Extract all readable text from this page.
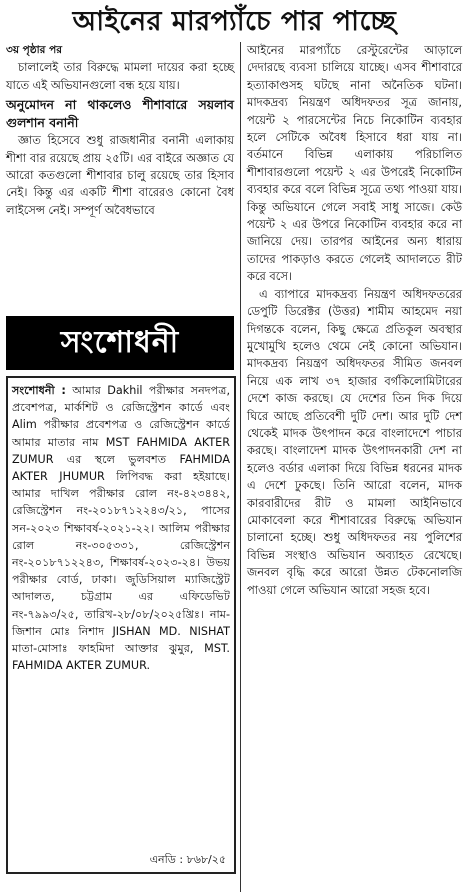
আইনের মারপ্যাঁচে পার পাচ্ছে

৩য় পৃষ্ঠার পর

চালালেই তার বিরুদ্ধে মামলা দায়ের করা হচ্ছে যাতে এই অভিযানগুলো বন্ধ হয়ে যায়।

অনুমোদন না থাকলেও শীশাবারে সয়লাব গুলশান বনানী

জ্ঞাত হিসেবে শুধু রাজধানীর বনানী এলাকায় শীশা বার রয়েছে প্রায় ২৫টি। এর বাইরে অজ্ঞাত যে আরো কতগুলো শীশাবার চালু রয়েছে তার হিসাব নেই। কিন্তু এর একটি শীশা বারেরও কোনো বৈধ লাইসেন্স নেই। সম্পূর্ণ অবৈধভাবে

সংশোধনী
সংশোধনী : আমার Dakhil পরীক্ষার সনদপত্র, প্রবেশপত্র, মার্কশিট ও রেজিস্ট্রেশন কার্ডে এবং Alim পরীক্ষার প্রবেশপত্র ও রেজিস্ট্রেশন কার্ডে আমার মাতার নাম MST FAHMIDA AKTER ZUMUR এর স্থলে ভুলবশত FAHMIDA AKTER JHUMUR লিপিবদ্ধ করা হইয়াছে। আমার দাখিল পরীক্ষার রোল নং-৪২৩৪৪২, রেজিস্ট্রেশন নং-২০১৮৭১২২৪৩/২১, পাসের সন-২০২৩ শিক্ষাবর্ষ-২০২১-২২। আলিম পরীক্ষার রোল নং-৩০৫৩৩১, রেজিস্ট্রেশন নং-২০১৮৭১২২৪৩, শিক্ষাবর্ষ-২০২৩-২৪। উভয় পরীক্ষার বোর্ড, ঢাকা। জুডিসিয়াল ম্যাজিস্ট্রেট আদালত, চট্টগ্রাম এর এফিডেভিট নং-৭৯৯৩/২৫, তারিখ-২৮/০৮/২০২৫খ্রিঃ। নাম-জিশান মোঃ নিশাদ JISHAN MD. NISHAT মাতা-মোসাঃ ফাহমিদা আক্তার ঝুমুর, MST. FAHMIDA AKTER ZUMUR.
এনডি : ৮৬৮/২৫

আইনের মারপ্যাঁচে রেস্টুরেন্টের আড়ালে দেদারছে ব্যবসা চালিয়ে যাচ্ছে। এসব শীশাবারে হত্যাকাণ্ডসহ ঘটছে নানা অনৈতিক ঘটনা। মাদকদ্রব্য নিয়ন্ত্রণ অধিদফতর সূত্র জানায়, পয়েন্ট ২ পারসেন্টের নিচে নিকোটিন ব্যবহার হলে সেটিকে অবৈধ হিসাবে ধরা যায় না। বর্তমানে বিভিন্ন এলাকায় পরিচালিত শীশাবারগুলো পয়েন্ট ২ এর উপরেই নিকোটিন ব্যবহার করে বলে বিভিন্ন সূত্রে তথ্য পাওয়া যায়। কিন্তু অভিযানে গেলে সবাই সাধু সাজে। কেউ পয়েন্ট ২ এর উপরে নিকোটিন ব্যবহার করে না জানিয়ে দেয়। তারপর আইনের অন্য ধারায় তাদের পাকড়াও করতে গেলেই আদালতে রীট করে বসে।

এ ব্যাপারে মাদকদ্রব্য নিয়ন্ত্রণ অধিদফতরের ডেপুটি ডিরেক্টর (উত্তর) শামীম আহমেদ নয়া দিগন্তকে বলেন, কিছু ক্ষেত্রে প্রতিকূল অবস্থার মুখোমুখি হলেও থেমে নেই কোনো অভিযান। মাদকদ্রব্য নিয়ন্ত্রণ অধিদফতর সীমিত জনবল নিয়ে এক লাখ ৩৭ হাজার বর্গকিলোমিটারের দেশে কাজ করছে। যে দেশের তিন দিক দিয়ে ঘিরে আছে প্রতিবেশী দুটি দেশ। আর দুটি দেশ থেকেই মাদক উৎপাদন করে বাংলাদেশে পাচার করছে। বাংলাদেশ মাদক উৎপাদনকারী দেশ না হলেও বর্ডার এলাকা দিয়ে বিভিন্ন ধরনের মাদক এ দেশে ঢুকছে। তিনি আরো বলেন, মাদক কারবারীদের রীট ও মামলা আইনিভাবে মোকাবেলা করে শীশাবারের বিরুদ্ধে অভিযান চালানো হচ্ছে। শুধু অধিদফতর নয় পুলিশের বিভিন্ন সংস্থাও অভিযান অব্যাহত রেখেছে। জনবল বৃদ্ধি করে আরো উন্নত টেকনোলজি পাওয়া গেলে অভিযান আরো সহজ হবে।
